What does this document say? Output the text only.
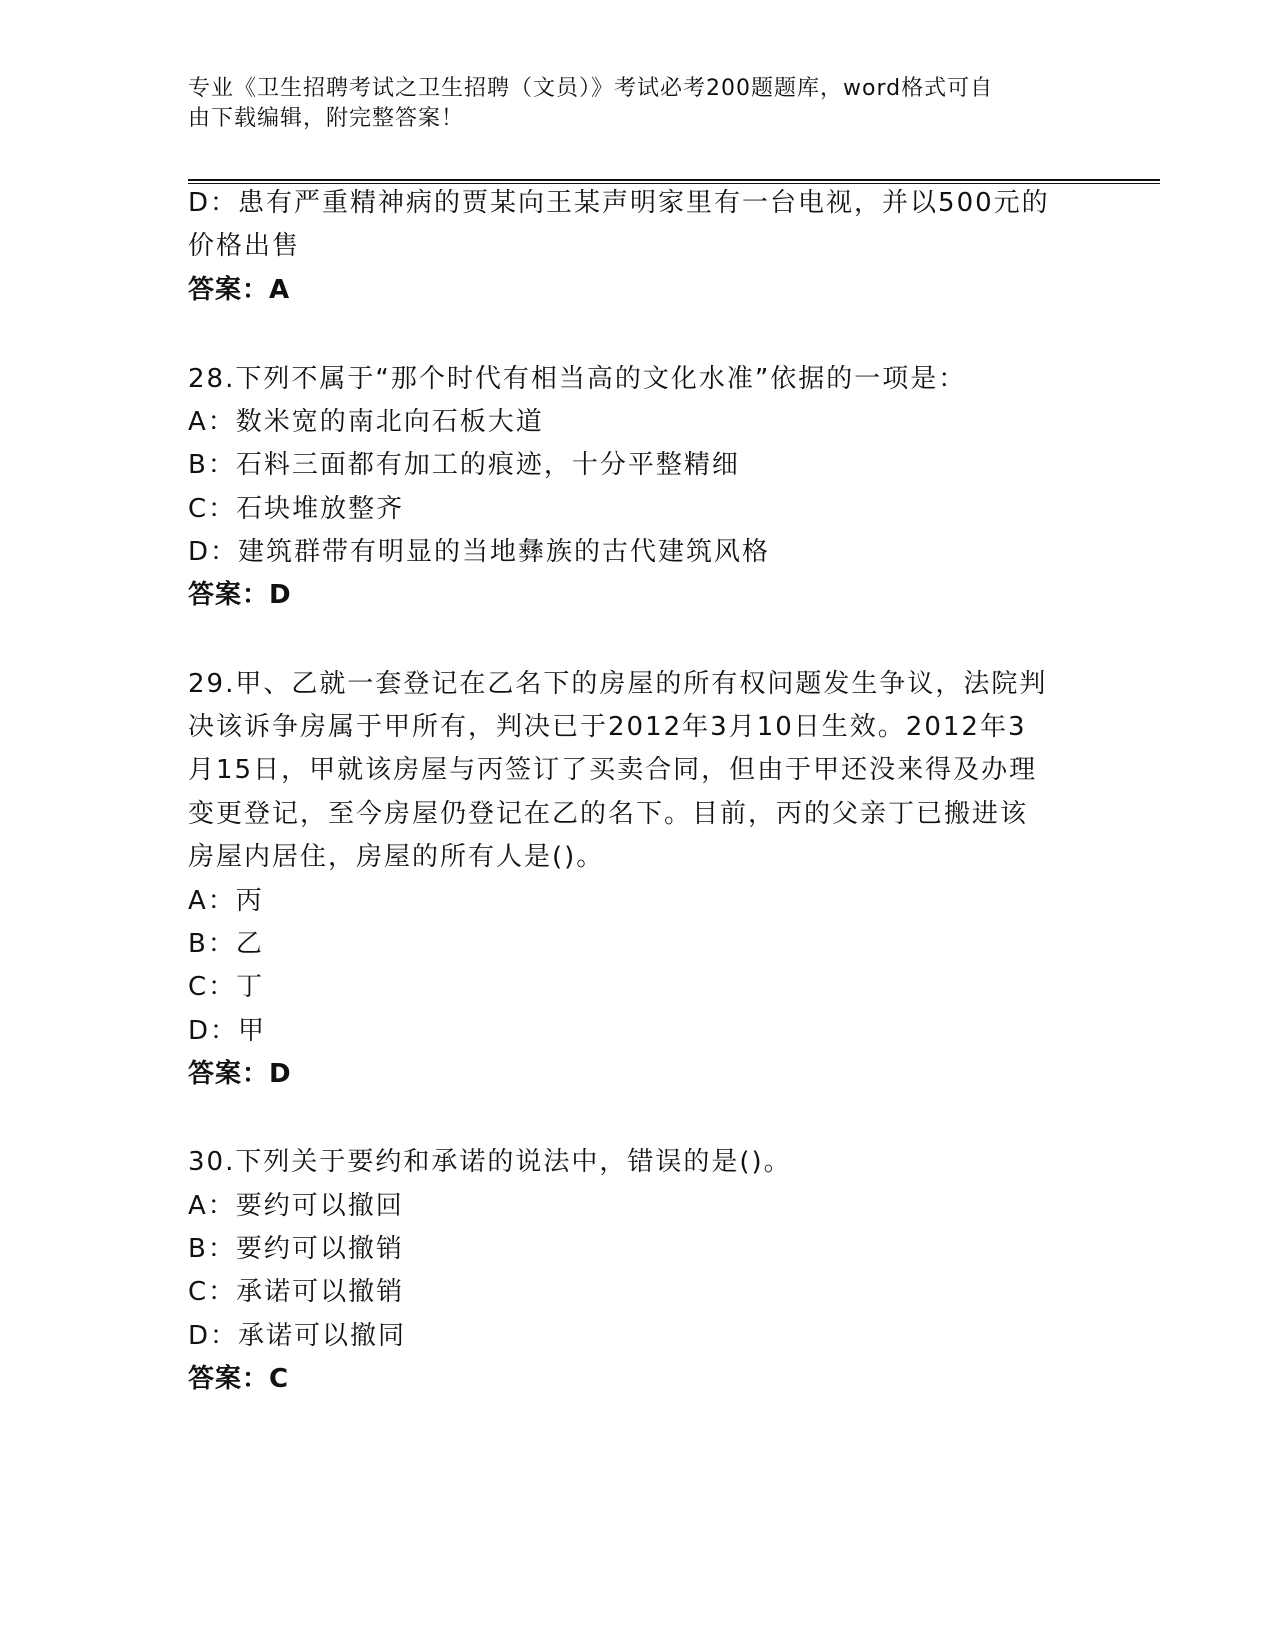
专业《卫生招聘考试之卫生招聘（文员）》考试必考200题题库，word格式可自
由下载编辑，附完整答案！
D：患有严重精神病的贾某向王某声明家里有一台电视，并以500元的
价格出售
答案：A
28.下列不属于“那个时代有相当高的文化水准”依据的一项是：
A：数米宽的南北向石板大道
B：石料三面都有加工的痕迹，十分平整精细
C：石块堆放整齐
D：建筑群带有明显的当地彝族的古代建筑风格
答案：D
29.甲、乙就一套登记在乙名下的房屋的所有权问题发生争议，法院判
决该诉争房属于甲所有，判决已于2012年3月10日生效。2012年3
月15日，甲就该房屋与丙签订了买卖合同，但由于甲还没来得及办理
变更登记，至今房屋仍登记在乙的名下。目前，丙的父亲丁已搬进该
房屋内居住，房屋的所有人是()。
A：丙
B：乙
C：丁
D：甲
答案：D
30.下列关于要约和承诺的说法中，错误的是()。
A：要约可以撤回
B：要约可以撤销
C：承诺可以撤销
D：承诺可以撤同
答案：C
